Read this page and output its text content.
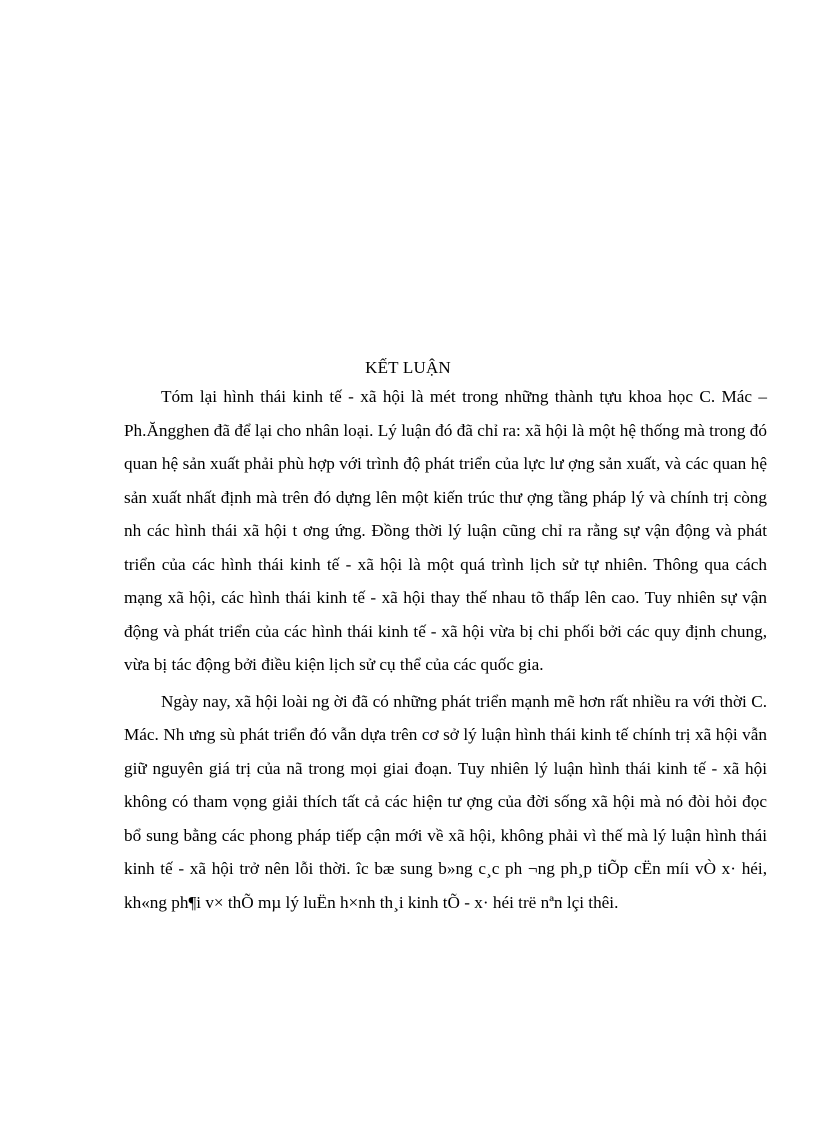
KẾT LUẬN

Tóm lại hình thái kinh tế - xã hội là mét trong những thành tựu khoa học C. Mác – Ph.Ăngghen đã để lại cho nhân loại. Lý luận đó đã chỉ ra: xã hội là một hệ thống mà trong đó quan hệ sản xuất phải phù hợp với trình độ phát triển của lực lư ợng sản xuất, và các quan hệ sản xuất nhất định mà trên đó dựng lên một kiến trúc thư ợng tầng pháp lý và chính trị còng nh các hình thái xã hội t ơng ứng. Đồng thời lý luận cũng chỉ ra rằng sự vận động và phát triển của các hình thái kinh tế - xã hội là một quá trình lịch sử tự nhiên. Thông qua cách mạng xã hội, các hình thái kinh tế - xã hội thay thế nhau tõ thấp lên cao. Tuy nhiên sự vận động và phát triển của các hình thái kinh tế - xã hội vừa bị chi phối bởi các quy định chung, vừa bị tác động bởi điều kiện lịch sử cụ thể của các quốc gia.

Ngày nay, xã hội loài ng ời đã có những phát triển mạnh mẽ hơn rất nhiều ra với thời C. Mác. Nh ưng sù phát triển đó vẫn dựa trên cơ sở lý luận hình thái kinh tế chính trị xã hội vẫn giữ nguyên giá trị của nã trong mọi giai đoạn. Tuy nhiên lý luận hình thái kinh tế - xã hội không có tham vọng giải thích tất cả các hiện tư ợng của đời sống xã hội mà nó đòi hỏi đọc bổ sung bằng các phong pháp tiếp cận mới về xã hội, không phải vì thế mà lý luận hình thái kinh tế - xã hội trở nên lỗi thời. îc bæ sung b»ng c¸c ph ¬ng ph¸p tiÕp cËn míi vÒ x· héi, kh«ng ph¶i v× thÕ mµ lý luËn h×nh th¸i kinh tÕ - x· héi trë nªn lçi thêi.
